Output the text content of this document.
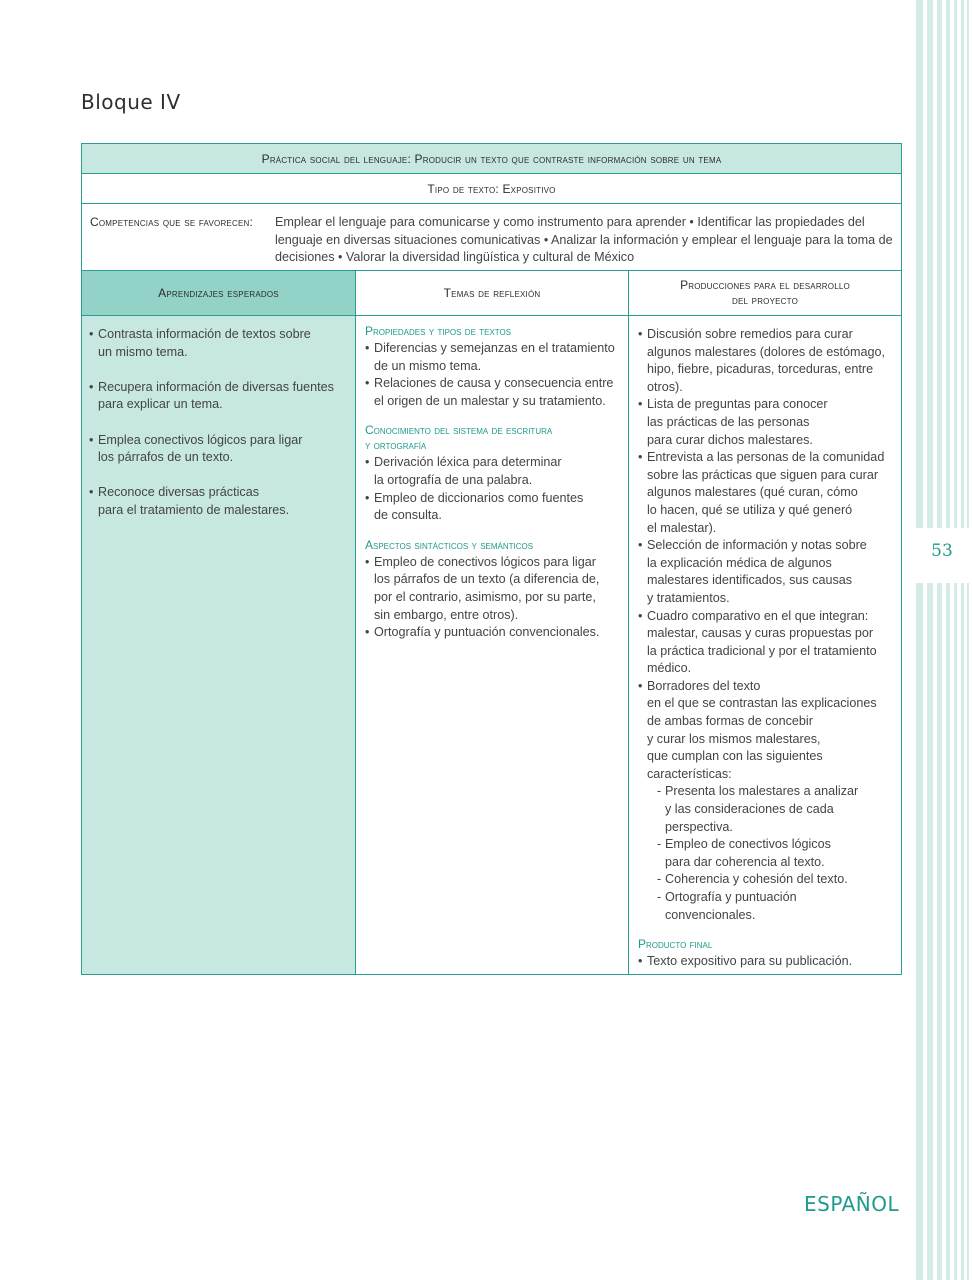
53
Bloque IV
Práctica social del lenguaje: Producir un texto que contraste información sobre un tema
Tipo de texto: Expositivo
Competencias que se favorecen: Emplear el lenguaje para comunicarse y como instrumento para aprender • Identificar las propiedades del lenguaje en diversas situaciones comunicativas • Analizar la información y emplear el lenguaje para la toma de decisiones • Valorar la diversidad lingüística y cultural de México
Aprendizajes esperados	Temas de reflexión
Producciones para el desarrollo
del proyecto
• Contrasta información de textos sobre
un mismo tema.
• Recupera información de diversas fuentes
para explicar un tema.
• Emplea conectivos lógicos para ligar
los párrafos de un texto.
• Reconoce diversas prácticas
para el tratamiento de malestares.
Propiedades y tipos de textos
• Diferencias y semejanzas en el tratamiento
de un mismo tema.
• Relaciones de causa y consecuencia entre
el origen de un malestar y su tratamiento.
Conocimiento del sistema de escritura
y ortografía
• Derivación léxica para determinar
la ortografía de una palabra.
• Empleo de diccionarios como fuentes
de consulta.
Aspectos sintácticos y semánticos
• Empleo de conectivos lógicos para ligar
los párrafos de un texto (a diferencia de,
por el contrario, asimismo, por su parte,
sin embargo, entre otros).
• Ortografía y puntuación convencionales.
• Discusión sobre remedios para curar
algunos malestares (dolores de estómago,
hipo, fiebre, picaduras, torceduras, entre
otros).
• Lista de preguntas para conocer
las prácticas de las personas
para curar dichos malestares.
• Entrevista a las personas de la comunidad
sobre las prácticas que siguen para curar
algunos malestares (qué curan, cómo
lo hacen, qué se utiliza y qué generó
el malestar).
• Selección de información y notas sobre
la explicación médica de algunos
malestares identificados, sus causas
y tratamientos.
• Cuadro comparativo en el que integran:
malestar, causas y curas propuestas por
la práctica tradicional y por el tratamiento
médico.
• Borradores del texto
en el que se contrastan las explicaciones
de ambas formas de concebir
y curar los mismos malestares,
que cumplan con las siguientes
características:
- Presenta los malestares a analizar
y las consideraciones de cada
perspectiva.
- Empleo de conectivos lógicos
para dar coherencia al texto.
- Coherencia y cohesión del texto.
- Ortografía y puntuación
convencionales.
Producto final
• Texto expositivo para su publicación.
ESPAÑOL
